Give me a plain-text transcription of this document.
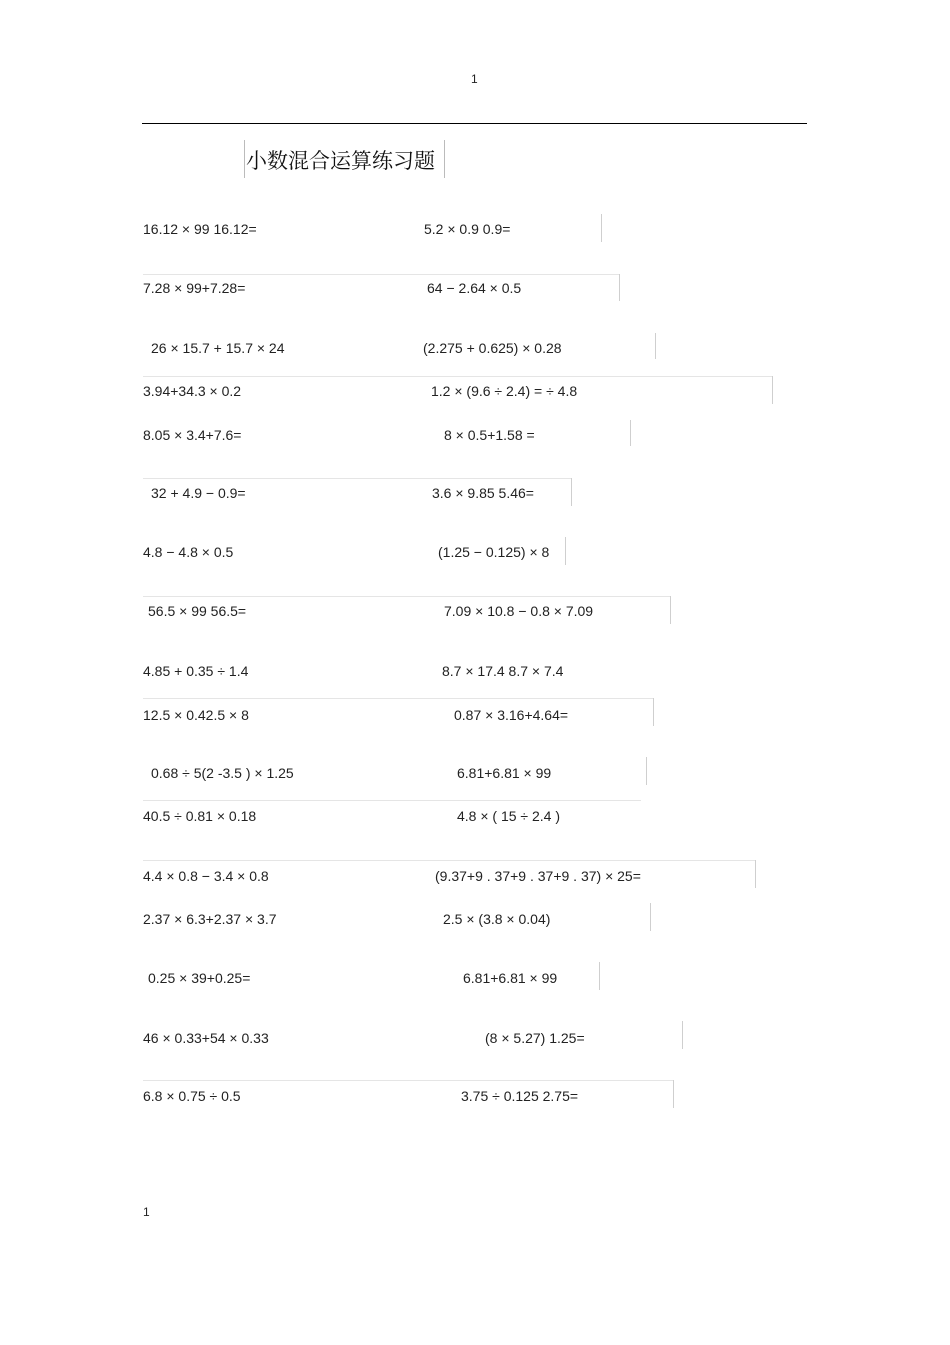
1
小数混合运算练习题
16.12 × 99 16.12=
7.28 × 99+7.28=
26 × 15.7 + 15.7 × 24
3.94+34.3 × 0.2
8.05 × 3.4+7.6=
32 + 4.9 − 0.9=
4.8 − 4.8 × 0.5
56.5 × 99 56.5=
4.85 + 0.35 ÷ 1.4
12.5 × 0.42.5 × 8
0.68 ÷ 5(2 -3.5 ) × 1.25
40.5 ÷ 0.81 × 0.18
4.4 × 0.8 − 3.4 × 0.8
2.37 × 6.3+2.37 × 3.7
0.25 × 39+0.25=
46 × 0.33+54 × 0.33
6.8 × 0.75 ÷ 0.5
5.2 × 0.9 0.9=
64 − 2.64 × 0.5
(2.275 + 0.625) × 0.28
1.2 × (9.6 ÷ 2.4) = ÷ 4.8
8 × 0.5+1.58 =
3.6 × 9.85 5.46=
(1.25 − 0.125) × 8
7.09 × 10.8 − 0.8 × 7.09
8.7 × 17.4 8.7 × 7.4
0.87 × 3.16+4.64=
6.81+6.81 × 99
4.8 × ( 15 ÷ 2.4 )
(9.37+9 . 37+9 . 37+9 . 37) × 25=
2.5 × (3.8 × 0.04)
6.81+6.81 × 99
(8 × 5.27) 1.25=
3.75 ÷ 0.125 2.75=
1
